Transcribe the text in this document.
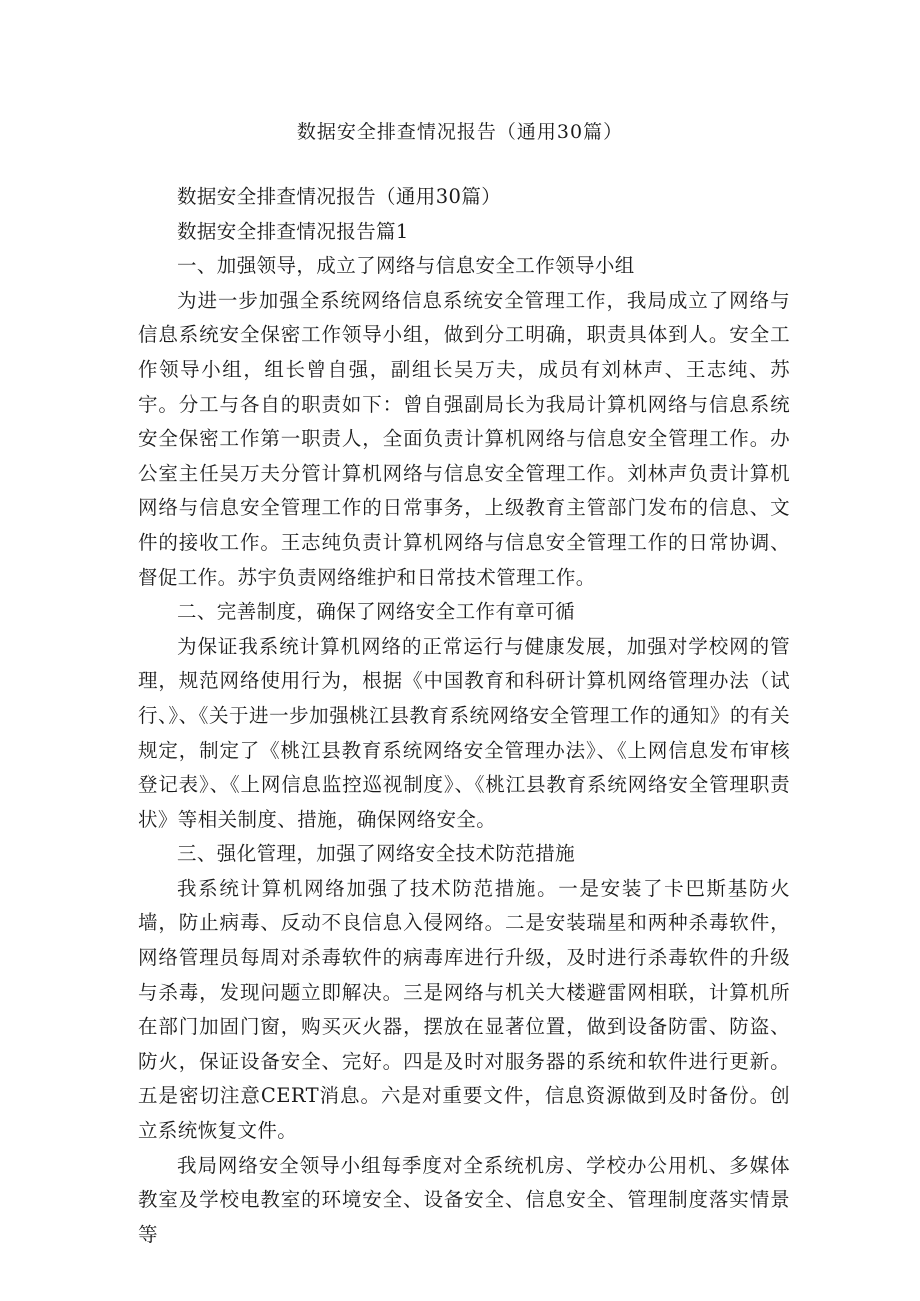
数据安全排查情况报告（通用30篇）

数据安全排查情况报告（通用30篇）

数据安全排查情况报告篇1

一、加强领导，成立了网络与信息安全工作领导小组

为进一步加强全系统网络信息系统安全管理工作，我局成立了网络与信息系统安全保密工作领导小组，做到分工明确，职责具体到人。安全工作领导小组，组长曾自强，副组长吴万夫，成员有刘林声、王志纯、苏宇。分工与各自的职责如下：曾自强副局长为我局计算机网络与信息系统安全保密工作第一职责人，全面负责计算机网络与信息安全管理工作。办公室主任吴万夫分管计算机网络与信息安全管理工作。刘林声负责计算机网络与信息安全管理工作的日常事务，上级教育主管部门发布的信息、文件的接收工作。王志纯负责计算机网络与信息安全管理工作的日常协调、督促工作。苏宇负责网络维护和日常技术管理工作。

二、完善制度，确保了网络安全工作有章可循

为保证我系统计算机网络的正常运行与健康发展，加强对学校网的管理，规范网络使用行为，根据《中国教育和科研计算机网络管理办法（试行、》、《关于进一步加强桃江县教育系统网络安全管理工作的通知》的有关规定，制定了《桃江县教育系统网络安全管理办法》、《上网信息发布审核登记表》、《上网信息监控巡视制度》、《桃江县教育系统网络安全管理职责状》等相关制度、措施，确保网络安全。

三、强化管理，加强了网络安全技术防范措施

我系统计算机网络加强了技术防范措施。一是安装了卡巴斯基防火墙，防止病毒、反动不良信息入侵网络。二是安装瑞星和两种杀毒软件，网络管理员每周对杀毒软件的病毒库进行升级，及时进行杀毒软件的升级与杀毒，发现问题立即解决。三是网络与机关大楼避雷网相联，计算机所在部门加固门窗，购买灭火器，摆放在显著位置，做到设备防雷、防盗、防火，保证设备安全、完好。四是及时对服务器的系统和软件进行更新。五是密切注意CERT消息。六是对重要文件，信息资源做到及时备份。创立系统恢复文件。

我局网络安全领导小组每季度对全系统机房、学校办公用机、多媒体教室及学校电教室的环境安全、设备安全、信息安全、管理制度落实情景等
